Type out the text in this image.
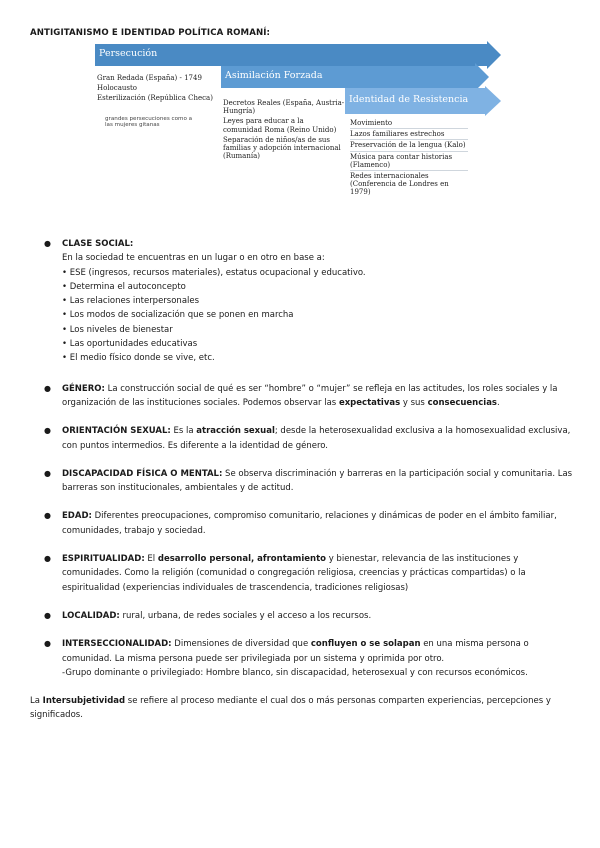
ANTIGITANISMO E IDENTIDAD POLÍTICA ROMANÍ:
Persecución
Asimilación Forzada
Identidad de Resistencia
Gran Redada (España) - 1749
Holocausto
Esterilización (República Checa)
grandes persecuciones como a las mujeres gitanas
Decretos Reales (España, Austria-Hungría)
Leyes para educar a la comunidad Roma (Reino Unido)
Separación de niños/as de sus familias y adopción internacional (Rumanía)
Movimiento
Lazos familiares estrechos
Preservación de la lengua (Kalo)
Música para contar historias (Flamenco)
Redes internacionales (Conferencia de Londres en 1979)
● CLASE SOCIAL:
En la sociedad te encuentras en un lugar o en otro en base a:
• ESE (ingresos, recursos materiales), estatus ocupacional y educativo.
• Determina el autoconcepto
• Las relaciones interpersonales
• Los modos de socialización que se ponen en marcha
• Los niveles de bienestar
• Las oportunidades educativas
• El medio físico donde se vive, etc.
● GÉNERO: La construcción social de qué es ser “hombre” o “mujer” se refleja en las actitudes, los roles sociales y la organización de las instituciones sociales. Podemos observar las expectativas y sus consecuencias.
● ORIENTACIÓN SEXUAL: Es la atracción sexual; desde la heterosexualidad exclusiva a la homosexualidad exclusiva, con puntos intermedios. Es diferente a la identidad de género.
● DISCAPACIDAD FÍSICA O MENTAL: Se observa discriminación y barreras en la participación social y comunitaria. Las barreras son institucionales, ambientales y de actitud.
● EDAD: Diferentes preocupaciones, compromiso comunitario, relaciones y dinámicas de poder en el ámbito familiar, comunidades, trabajo y sociedad.
● ESPIRITUALIDAD: El desarrollo personal, afrontamiento y bienestar, relevancia de las instituciones y comunidades. Como la religión (comunidad o congregación religiosa, creencias y prácticas compartidas) o la espiritualidad (experiencias individuales de trascendencia, tradiciones religiosas)
● LOCALIDAD: rural, urbana, de redes sociales y el acceso a los recursos.
● INTERSECCIONALIDAD: Dimensiones de diversidad que confluyen o se solapan en una misma persona o comunidad. La misma persona puede ser privilegiada por un sistema y oprimida por otro.
-Grupo dominante o privilegiado: Hombre blanco, sin discapacidad, heterosexual y con recursos económicos.
La Intersubjetividad se refiere al proceso mediante el cual dos o más personas comparten experiencias, percepciones y significados.
